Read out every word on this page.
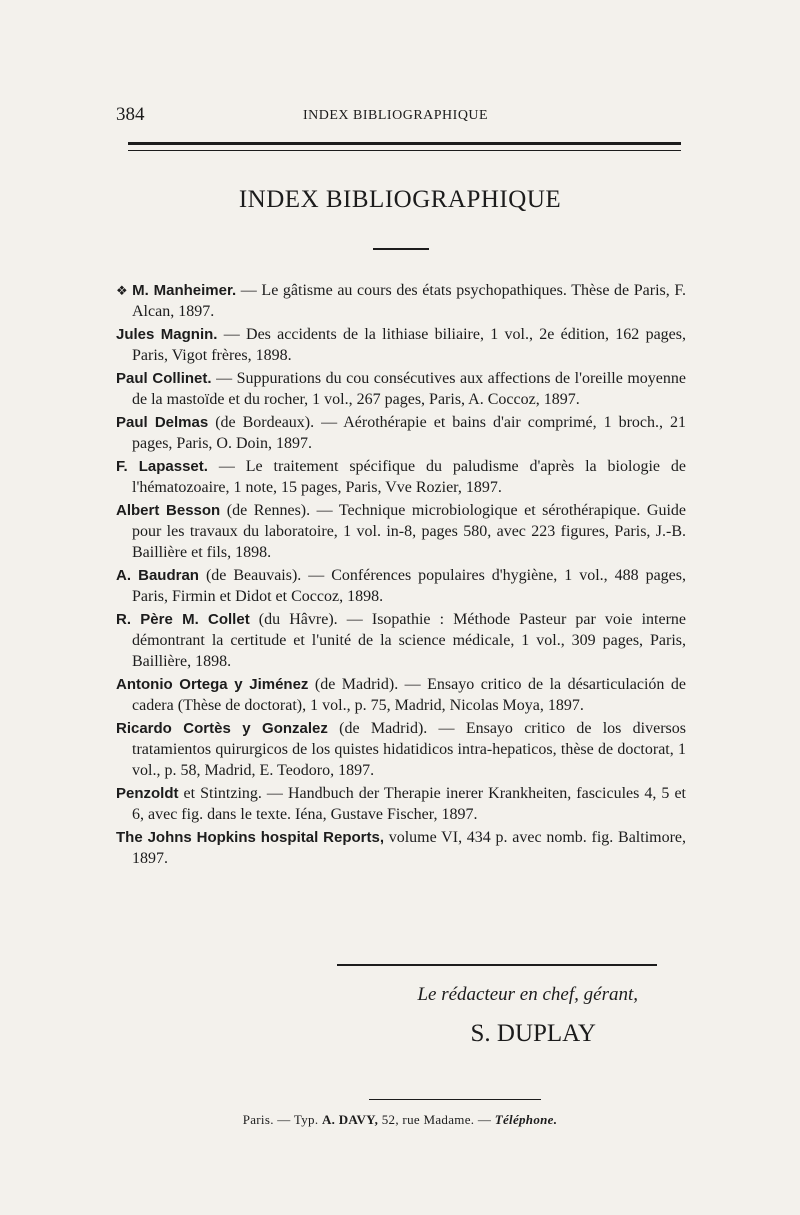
384	INDEX BIBLIOGRAPHIQUE
INDEX BIBLIOGRAPHIQUE

❖ M. Manheimer. — Le gâtisme au cours des états psychopathiques. Thèse de Paris, F. Alcan, 1897.

Jules Magnin. — Des accidents de la lithiase biliaire, 1 vol., 2e édition, 162 pages, Paris, Vigot frères, 1898.

Paul Collinet. — Suppurations du cou consécutives aux affections de l'oreille moyenne de la mastoïde et du rocher, 1 vol., 267 pages, Paris, A. Coccoz, 1897.

Paul Delmas (de Bordeaux). — Aérothérapie et bains d'air comprimé, 1 broch., 21 pages, Paris, O. Doin, 1897.

F. Lapasset. — Le traitement spécifique du paludisme d'après la biologie de l'hématozoaire, 1 note, 15 pages, Paris, Vve Rozier, 1897.

Albert Besson (de Rennes). — Technique microbiologique et sérothérapique. Guide pour les travaux du laboratoire, 1 vol. in-8, pages 580, avec 223 figures, Paris, J.-B. Baillière et fils, 1898.

A. Baudran (de Beauvais). — Conférences populaires d'hygiène, 1 vol., 488 pages, Paris, Firmin et Didot et Coccoz, 1898.

R. Père M. Collet (du Hâvre). — Isopathie : Méthode Pasteur par voie interne démontrant la certitude et l'unité de la science médicale, 1 vol., 309 pages, Paris, Baillière, 1898.

Antonio Ortega y Jiménez (de Madrid). — Ensayo critico de la désarticulación de cadera (Thèse de doctorat), 1 vol., p. 75, Madrid, Nicolas Moya, 1897.

Ricardo Cortès y Gonzalez (de Madrid). — Ensayo critico de los diversos tratamientos quirurgicos de los quistes hidatidicos intra-hepaticos, thèse de doctorat, 1 vol., p. 58, Madrid, E. Teodoro, 1897.

Penzoldt et Stintzing. — Handbuch der Therapie inerer Krankheiten, fascicules 4, 5 et 6, avec fig. dans le texte. Iéna, Gustave Fischer, 1897.

The Johns Hopkins hospital Reports, volume VI, 434 p. avec nomb. fig. Baltimore, 1897.

Le rédacteur en chef, gérant,
S. DUPLAY
Paris. — Typ. A. DAVY, 52, rue Madame. — Téléphone.
